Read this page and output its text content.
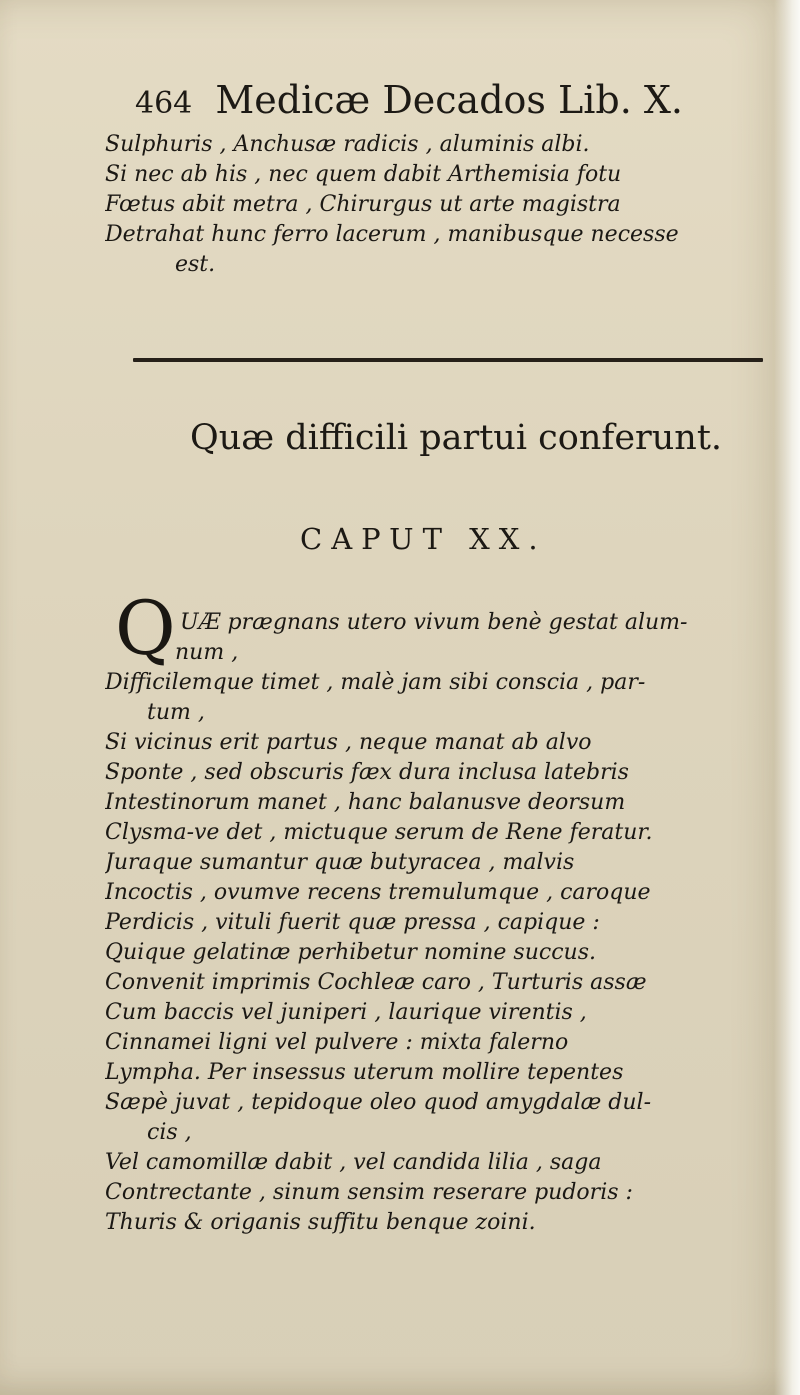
464 Medicæ Decados Lib. X.
Sulphuris , Anchusæ radicis , aluminis albi.
Si nec ab his , nec quem dabit Arthemisia fotu
Fœtus abit metra , Chirurgus ut arte magistra
Detrahat hunc ferro lacerum , manibusque necesse
est.
Quæ difficili partui conferunt.
CAPUT XX.
Q UÆ prægnans utero vivum benè gestat alum-
num ,
Difficilemque timet , malè jam sibi conscia , par-
tum ,
Si vicinus erit partus , neque manat ab alvo
Sponte , sed obscuris fæx dura inclusa latebris
Intestinorum manet , hanc balanusve deorsum
Clysma-ve det , mictuque serum de Rene feratur.
Juraque sumantur quæ butyracea , malvis
Incoctis , ovumve recens tremulumque , caroque
Perdicis , vituli fuerit quæ pressa , capique :
Quique gelatinæ perhibetur nomine succus.
Convenit imprimis Cochleæ caro , Turturis assæ
Cum baccis vel juniperi , laurique virentis ,
Cinnamei ligni vel pulvere : mixta falerno
Lympha. Per insessus uterum mollire tepentes
Sæpè juvat , tepidoque oleo quod amygdalæ dul-
cis ,
Vel camomillæ dabit , vel candida lilia , saga
Contrectante , sinum sensim reserare pudoris :
Thuris & origanis suffitu benque zoini.
